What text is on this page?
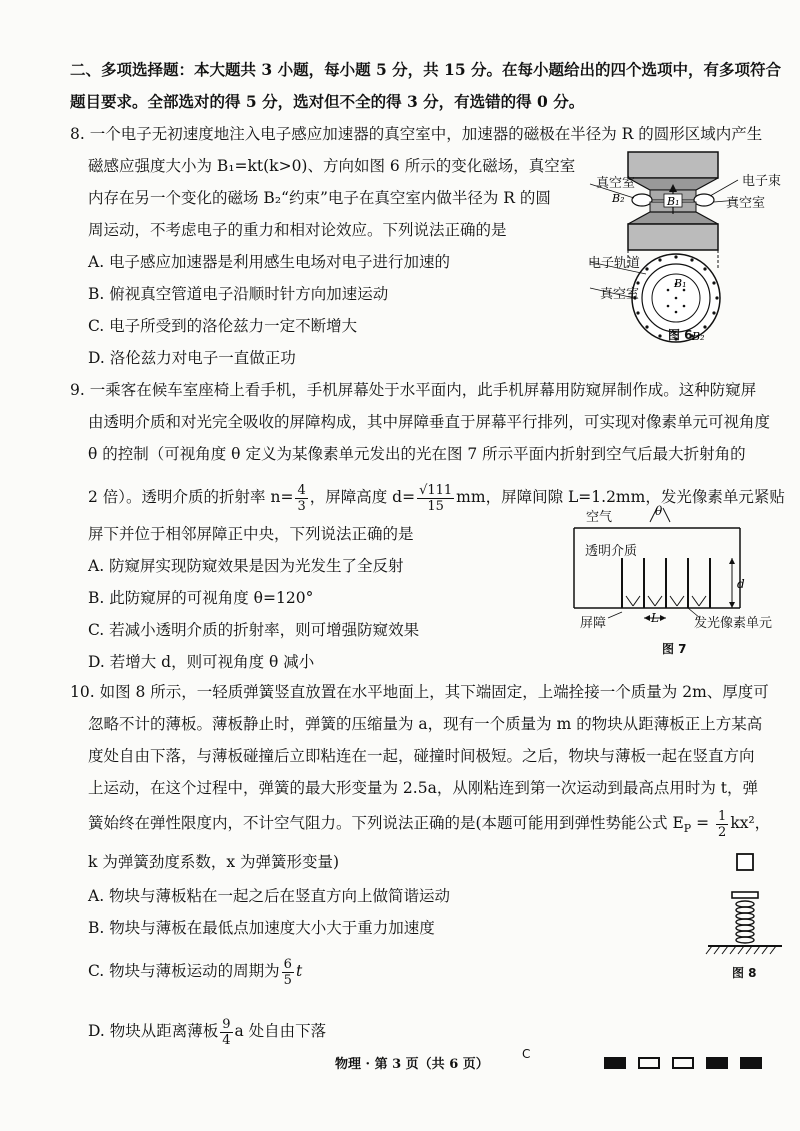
二、多项选择题：本大题共 3 小题，每小题 5 分，共 15 分。在每小题给出的四个选项中，有多项符合
题目要求。全部选对的得 5 分，选对但不全的得 3 分，有选错的得 0 分。
8. 一个电子无初速度地注入电子感应加速器的真空室中，加速器的磁极在半径为 R 的圆形区域内产生
磁感应强度大小为 B₁=kt(k>0)、方向如图 6 所示的变化磁场，真空室
内存在另一个变化的磁场 B₂“约束”电子在真空室内做半径为 R 的圆
周运动，不考虑电子的重力和相对论效应。下列说法正确的是
A. 电子感应加速器是利用感生电场对电子进行加速的
B. 俯视真空管道电子沿顺时针方向加速运动
C. 电子所受到的洛伦兹力一定不断增大
D. 洛伦兹力对电子一直做正功
B₁
B₁
B₂
B₂
真空室	电子束
真空室
电子轨道
真空室
图 6
9. 一乘客在候车室座椅上看手机，手机屏幕处于水平面内，此手机屏幕用防窥屏制作成。这种防窥屏
由透明介质和对光完全吸收的屏障构成，其中屏障垂直于屏幕平行排列，可实现对像素单元可视角度
θ 的控制（可视角度 θ 定义为某像素单元发出的光在图 7 所示平面内折射到空气后最大折射角的
2 倍）。透明介质的折射率 $n= \frac{4}{3}$ ，屏障高度 $d= \frac{√111}{15}$ mm，屏障间隙 L=1.2mm，发光像素单元紧贴
屏下并位于相邻屏障正中央，下列说法正确的是
A. 防窥屏实现防窥效果是因为光发生了全反射
B. 此防窥屏的可视角度 θ=120°
C. 若减小透明介质的折射率，则可增强防窥效果
D. 若增大 d，则可视角度 θ 减小
d
L
θ
空气
透明介质
屏障	发光像素单元
图 7
10. 如图 8 所示，一轻质弹簧竖直放置在水平地面上，其下端固定，上端拴接一个质量为 2m、厚度可
忽略不计的薄板。薄板静止时，弹簧的压缩量为 a，现有一个质量为 m 的物块从距薄板正上方某高
度处自由下落，与薄板碰撞后立即粘连在一起，碰撞时间极短。之后，物块与薄板一起在竖直方向
上运动，在这个过程中，弹簧的最大形变量为 2.5a，从刚粘连到第一次运动到最高点用时为 t，弹
簧始终在弹性限度内，不计空气阻力。下列说法正确的是(本题可能用到弹性势能公式 $E_P = \frac{1}{2} kx^2$，
k 为弹簧劲度系数，x 为弹簧形变量)
A. 物块与薄板粘在一起之后在竖直方向上做简谐运动
B. 物块与薄板在最低点加速度大小大于重力加速度
C. 物块与薄板运动的周期为 $\frac{6}{5}$ t
D. 物块从距离薄板 $\frac{9}{4}$ a 处自由下落
图 8
物理 · 第 3 页（共 6 页）
C
